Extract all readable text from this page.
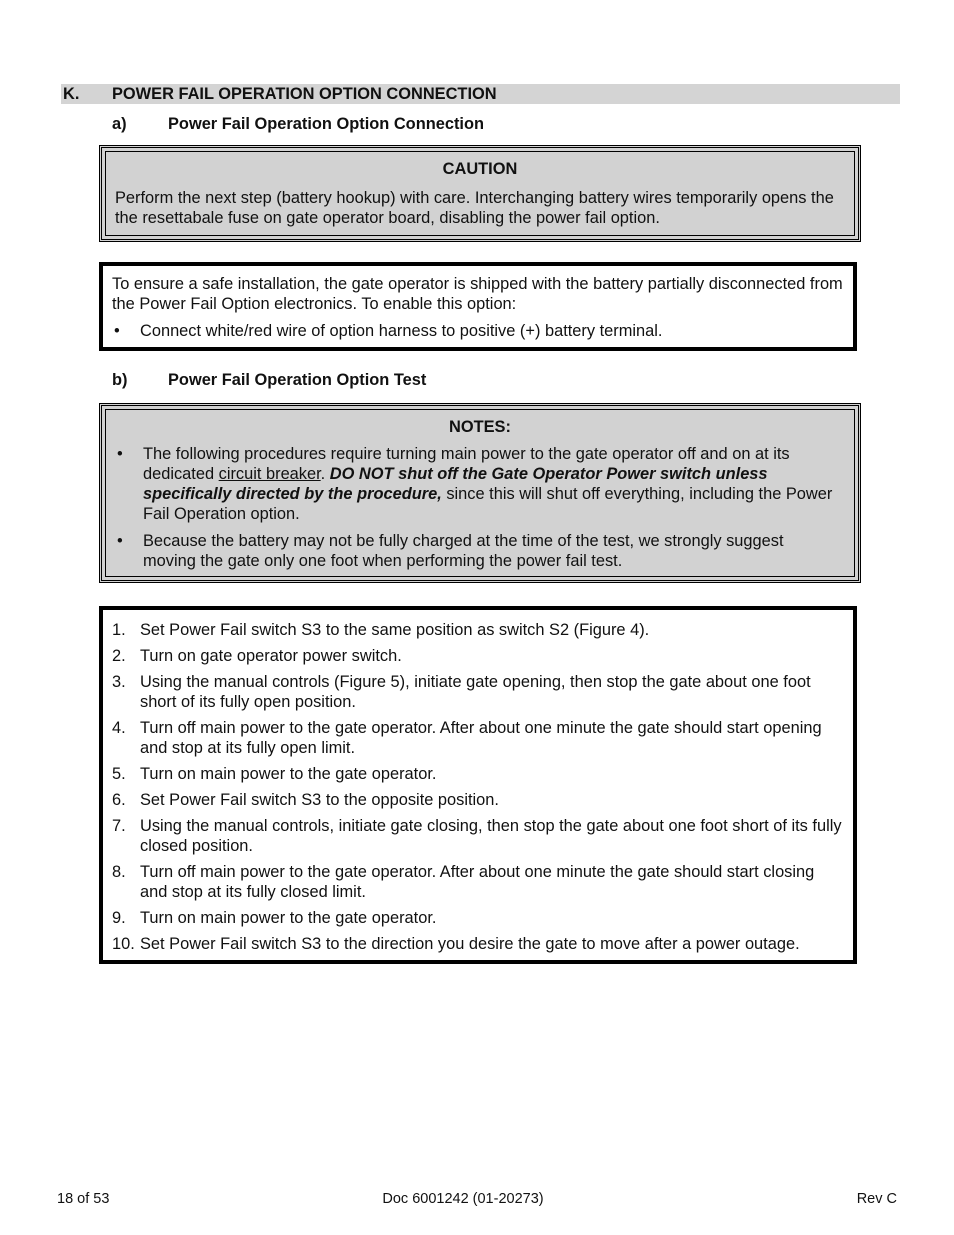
K. POWER FAIL OPERATION OPTION CONNECTION
a)	Power Fail Operation Option Connection
CAUTION

Perform the next step (battery hookup) with care. Interchanging battery wires temporarily opens the the resettabale fuse on gate operator board, disabling the power fail option.

To ensure a safe installation, the gate operator is shipped with the battery partially disconnected from the Power Fail Option electronics. To enable this option:

• Connect white/red wire of option harness to positive (+) battery terminal.
b) Power Fail Operation Option Test
NOTES:
• The following procedures require turning main power to the gate operator off and on at its dedicated circuit breaker. DO NOT shut off the Gate Operator Power switch unless specifically directed by the procedure, since this will shut off everything, including the Power Fail Operation option.
• Because the battery may not be fully charged at the time of the test, we strongly suggest moving the gate only one foot when performing the power fail test.
1. Set Power Fail switch S3 to the same position as switch S2 (Figure 4).
2. Turn on gate operator power switch.
3. Using the manual controls (Figure 5), initiate gate opening, then stop the gate about one foot short of its fully open position.
4. Turn off main power to the gate operator. After about one minute the gate should start opening and stop at its fully open limit.
5. Turn on main power to the gate operator.
6. Set Power Fail switch S3 to the opposite position.
7. Using the manual controls, initiate gate closing, then stop the gate about one foot short of its fully closed position.
8. Turn off main power to the gate operator. After about one minute the gate should start closing and stop at its fully closed limit.
9. Turn on main power to the gate operator.
10. Set Power Fail switch S3 to the direction you desire the gate to move after a power outage.
18 of 53	Doc 6001242 (01-20273)	Rev C
